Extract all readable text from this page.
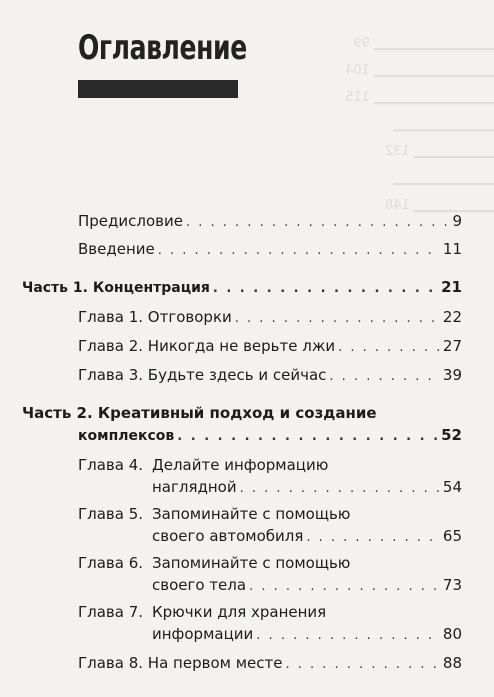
▁▁▁▁▁▁▁▁▁▁▁▁ 99
▁▁▁▁▁▁▁▁▁▁▁▁ 104
▁▁▁▁▁▁▁▁▁▁▁▁ 115
▁▁▁▁▁▁▁▁▁▁
▁▁▁▁▁▁▁▁ 132
▁▁▁▁▁▁▁▁▁▁
▁▁▁▁▁▁▁▁ 148
Оглавление
Предисловие . . .	9
Введение . . .	11
Часть 1. Концентрация . . .	21
Глава 1. Отговорки . . .	22
Глава 2. Никогда не верьте лжи . . .	27
Глава 3. Будьте здесь и сейчас . . .	39
Часть 2. Креативный подход и создание
комплексов . . .	52
Глава 4. Делайте информацию
наглядной . . .	54
Глава 5. Запоминайте с помощью
своего автомобиля . . .	65
Глава 6. Запоминайте с помощью
своего тела . . .	73
Глава 7. Крючки для хранения
информации . . .	80
Глава 8. На первом месте . . .	88
